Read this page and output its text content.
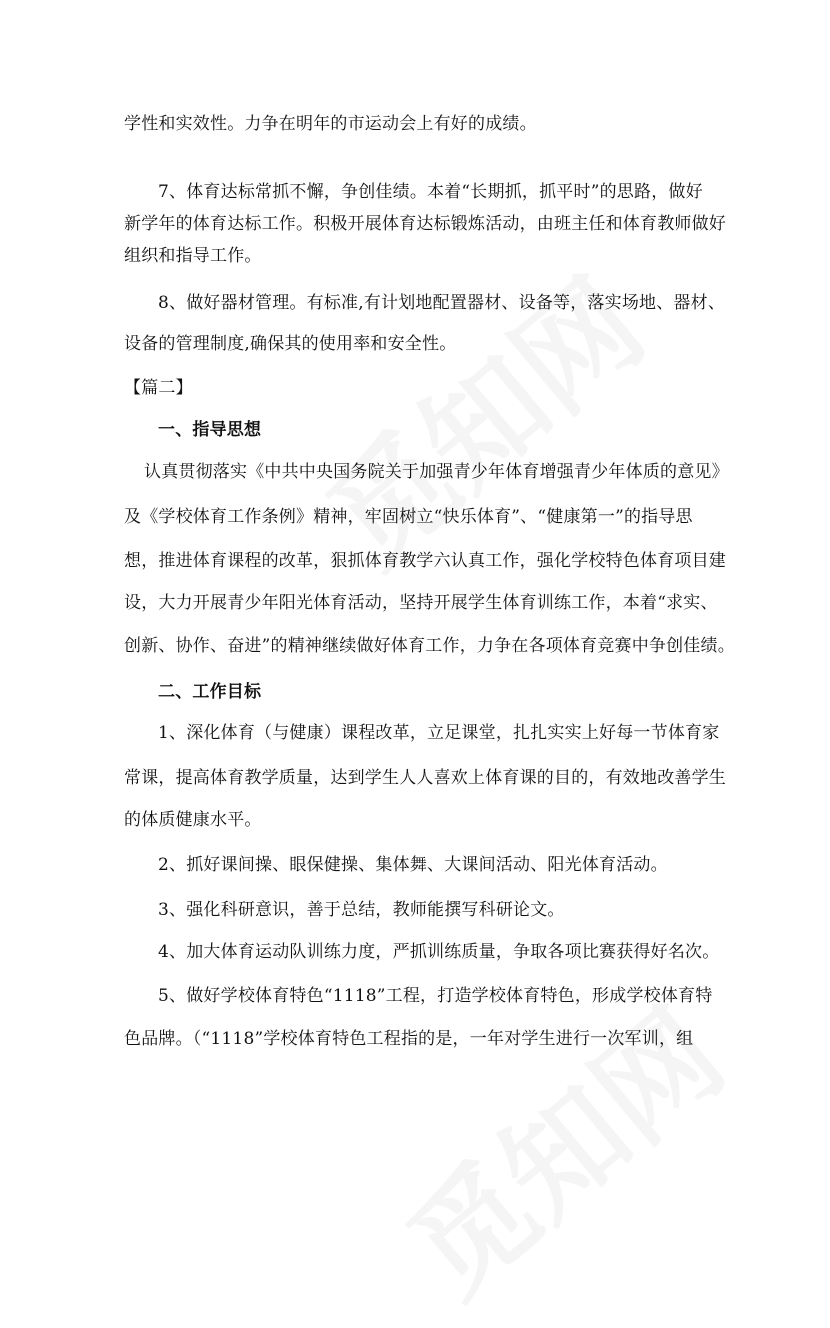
学性和实效性。力争在明年的市运动会上有好的成绩。
7、体育达标常抓不懈，争创佳绩。本着“长期抓，抓平时”的思路，做好
新学年的体育达标工作。积极开展体育达标锻炼活动，由班主任和体育教师做好
组织和指导工作。
8、做好器材管理。有标准,有计划地配置器材、设备等，落实场地、器材、
设备的管理制度,确保其的使用率和安全性。
【篇二】
一、指导思想
认真贯彻落实《中共中央国务院关于加强青少年体育增强青少年体质的意见》
及《学校体育工作条例》精神，牢固树立“快乐体育”、“健康第一”的指导思
想，推进体育课程的改革，狠抓体育教学六认真工作，强化学校特色体育项目建
设，大力开展青少年阳光体育活动，坚持开展学生体育训练工作，本着“求实、
创新、协作、奋进”的精神继续做好体育工作，力争在各项体育竞赛中争创佳绩。
二、工作目标
1、深化体育（与健康）课程改革，立足课堂，扎扎实实上好每一节体育家
常课，提高体育教学质量，达到学生人人喜欢上体育课的目的，有效地改善学生
的体质健康水平。
2、抓好课间操、眼保健操、集体舞、大课间活动、阳光体育活动。
3、强化科研意识，善于总结，教师能撰写科研论文。
4、加大体育运动队训练力度，严抓训练质量，争取各项比赛获得好名次。
5、做好学校体育特色“1118”工程，打造学校体育特色，形成学校体育特
色品牌。（“1118”学校体育特色工程指的是，一年对学生进行一次军训，组
